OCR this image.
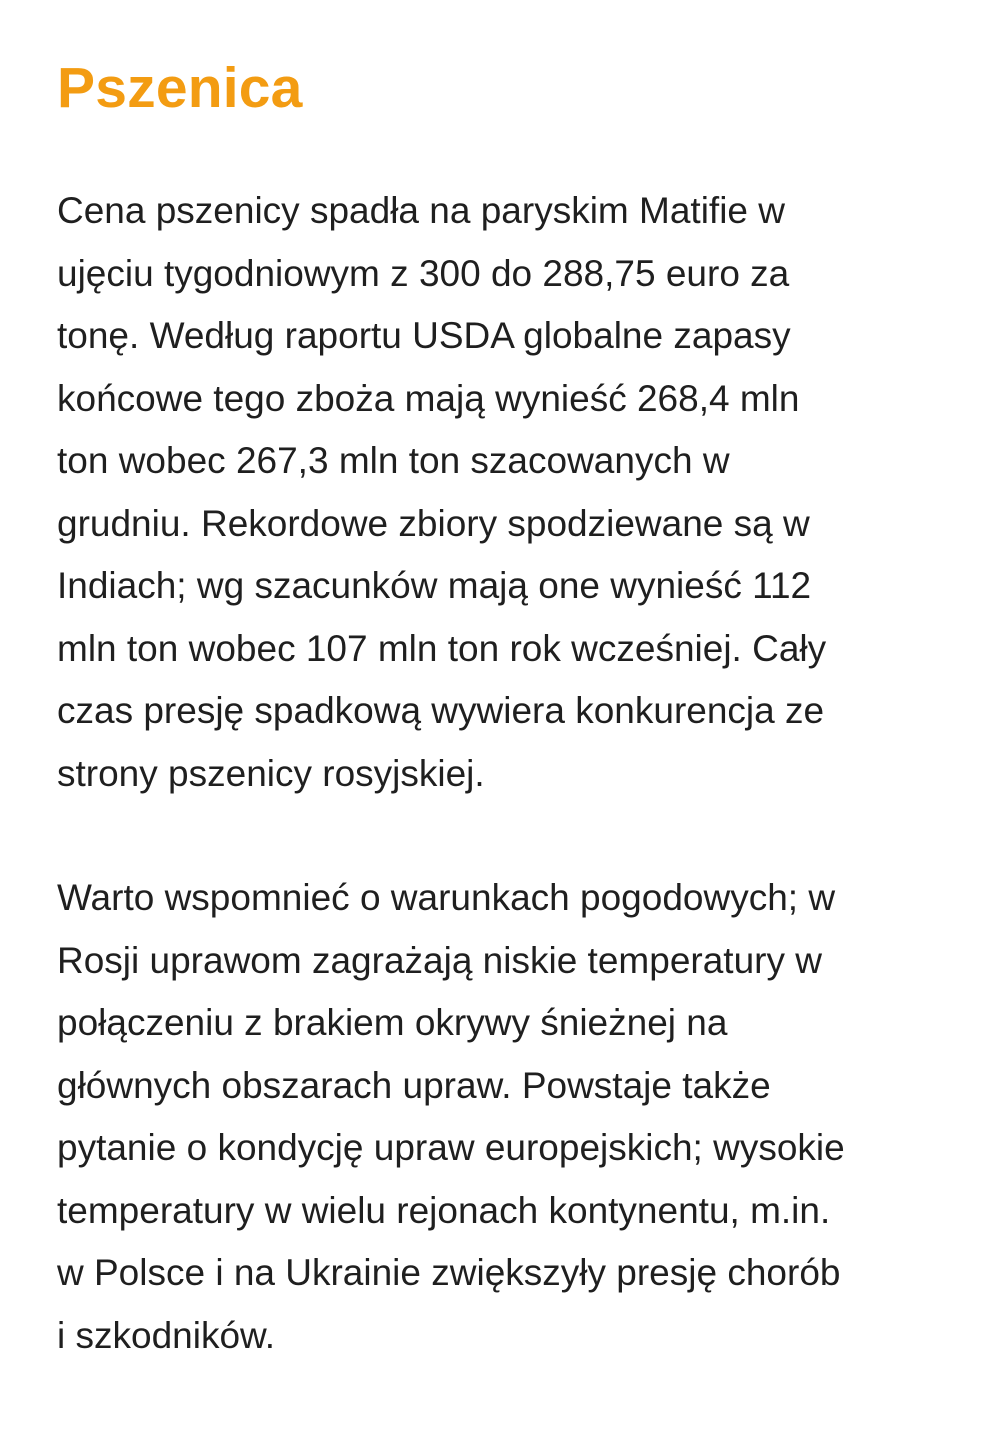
Pszenica

Cena pszenicy spadła na paryskim Matifie w
ujęciu tygodniowym z 300 do 288,75 euro za
tonę. Według raportu USDA globalne zapasy
końcowe tego zboża mają wynieść 268,4 mln
ton wobec 267,3 mln ton szacowanych w
grudniu. Rekordowe zbiory spodziewane są w
Indiach; wg szacunków mają one wynieść 112
mln ton wobec 107 mln ton rok wcześniej. Cały
czas presję spadkową wywiera konkurencja ze
strony pszenicy rosyjskiej.

Warto wspomnieć o warunkach pogodowych; w
Rosji uprawom zagrażają niskie temperatury w
połączeniu z brakiem okrywy śnieżnej na
głównych obszarach upraw. Powstaje także
pytanie o kondycję upraw europejskich; wysokie
temperatury w wielu rejonach kontynentu, m.in.
w Polsce i na Ukrainie zwiększyły presję chorób
i szkodników.
